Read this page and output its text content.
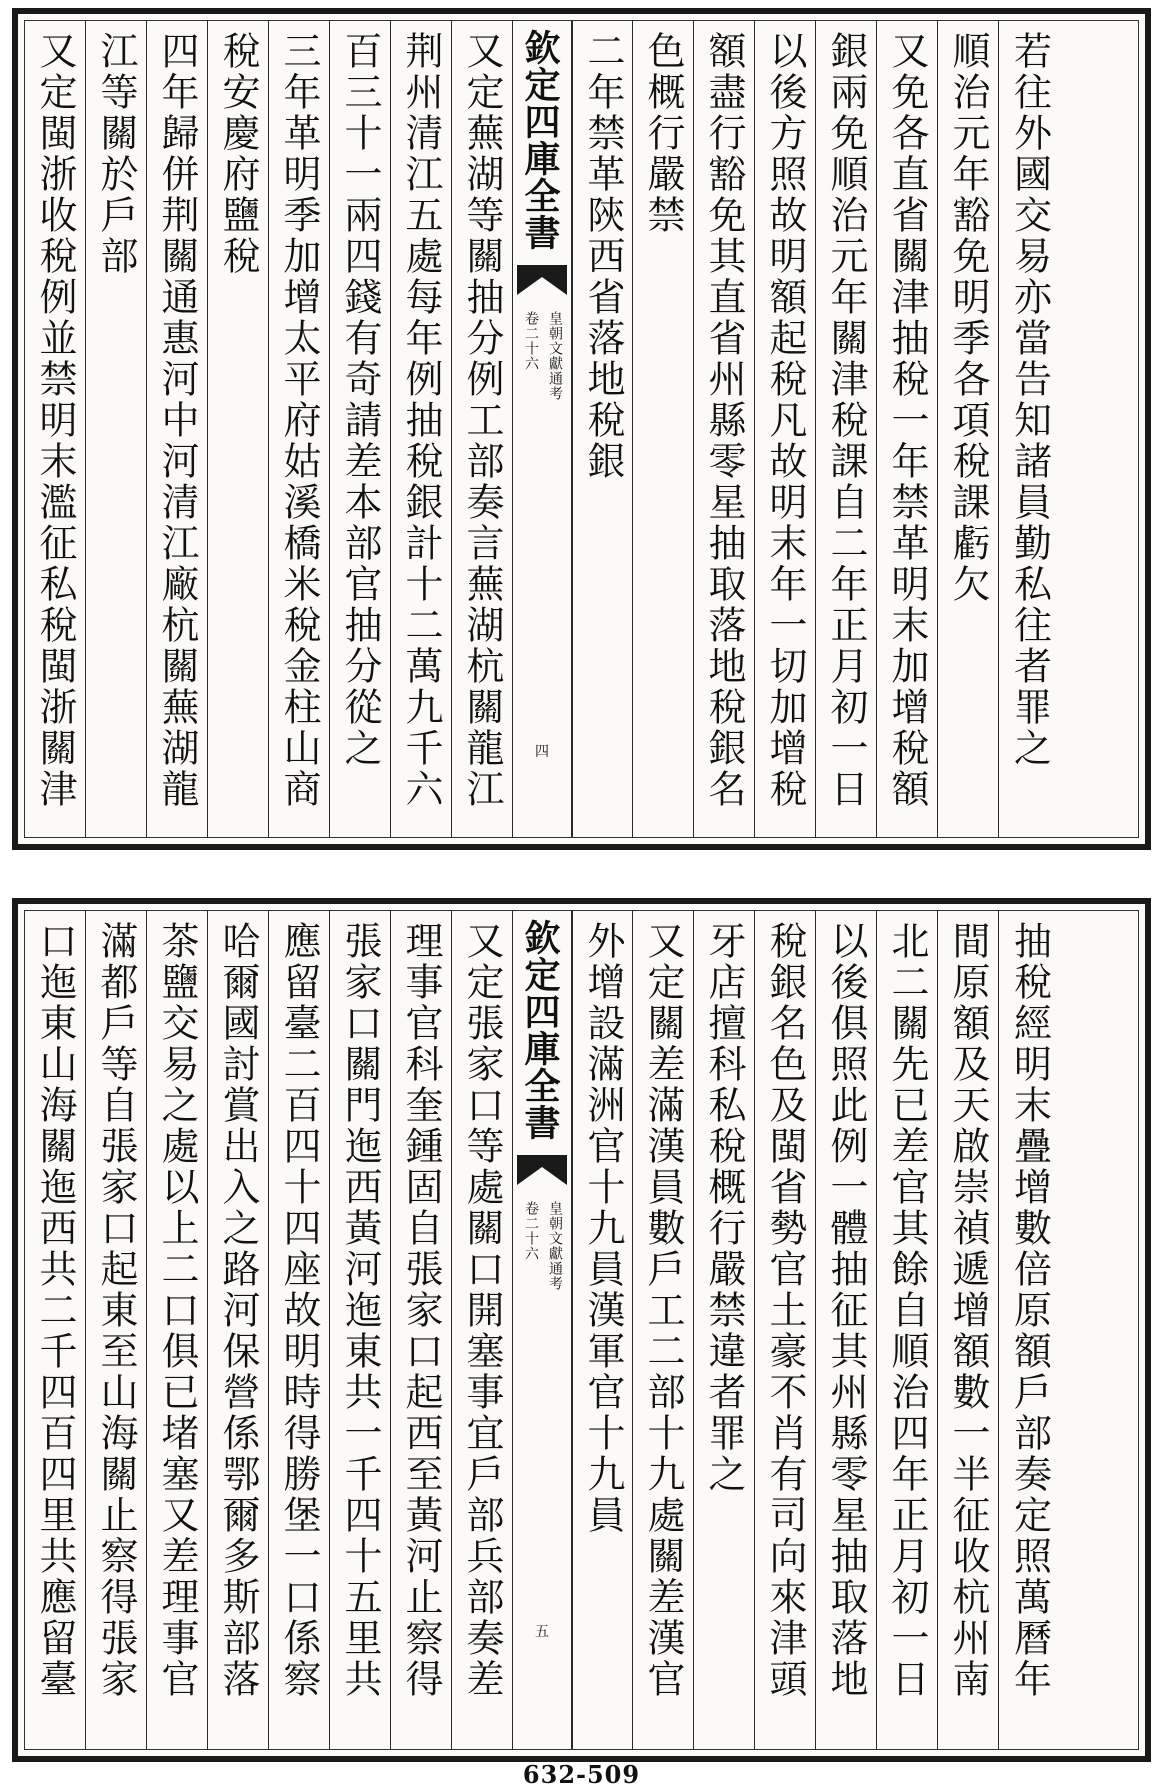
又定閩浙收稅例並禁明末濫征私稅閩浙關津 江等關於戶部 四年歸併荆關通惠河中河清江廠杭關蕪湖龍 稅安慶府鹽稅 三年革明季加增太平府姑溪橋米稅金柱山商 百三十一兩四錢有奇請差本部官抽分從之 荆州清江五處每年例抽稅銀計十二萬九千六 又定蕪湖等關抽分例工部奏言蕪湖杭關龍江 欽定四庫全書
皇朝文獻通考
卷二十六
四
二年禁革陝西省落地稅銀 色概行嚴禁 額盡行豁免其直省州縣零星抽取落地稅銀名 以後方照故明額起稅凡故明末年一切加增稅 銀兩免順治元年關津稅課自二年正月初一日 又免各直省關津抽稅一年禁革明末加增稅額 順治元年豁免明季各項稅課虧欠 若往外國交易亦當告知諸員勤私往者罪之
口迤東山海關迤西共二千四百四里共應留臺 滿都戶等自張家口起東至山海關止察得張家 茶鹽交易之處以上二口俱已堵塞又差理事官 哈爾國討賞出入之路河保營係鄂爾多斯部落 應留臺二百四十四座故明時得勝堡一口係察 張家口關門迤西黃河迤東共一千四十五里共 理事官科奎鍾固自張家口起西至黃河止察得 又定張家口等處關口開塞事宜戶部兵部奏差 欽定四庫全書
皇朝文獻通考
卷二十六
五
外增設滿洲官十九員漢軍官十九員 又定關差滿漢員數戶工二部十九處關差漢官 牙店擅科私稅概行嚴禁違者罪之 稅銀名色及閩省勢官土豪不肖有司向來津頭 以後俱照此例一體抽征其州縣零星抽取落地 北二關先已差官其餘自順治四年正月初一日 間原額及天啟崇禎遞增額數一半征收杭州南 抽稅經明末疊增數倍原額戶部奏定照萬曆年
632-509
